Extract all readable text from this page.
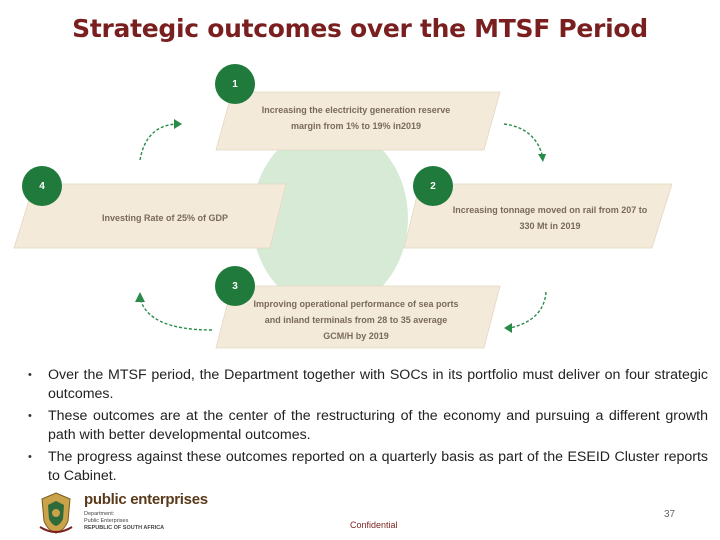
Strategic outcomes over the MTSF Period
1
2
3
4
Increasing the electricity generation reserve
margin from 1% to 19% in2019
Increasing tonnage moved on rail from 207 to
330 Mt in 2019
Improving operational performance of sea ports
and inland terminals from 28 to 35 average
GCM/H by 2019
Investing Rate of 25% of GDP
• Over the MTSF period, the Department together with SOCs in its portfolio must deliver on four strategic outcomes.
• These outcomes are at the center of the restructuring of the economy and pursuing a different growth path with better developmental outcomes.
• The progress against these outcomes reported on a quarterly basis as part of the ESEID Cluster reports to Cabinet.
public enterprises
Department:
Public Enterprises
REPUBLIC OF SOUTH AFRICA	Confidential
37
